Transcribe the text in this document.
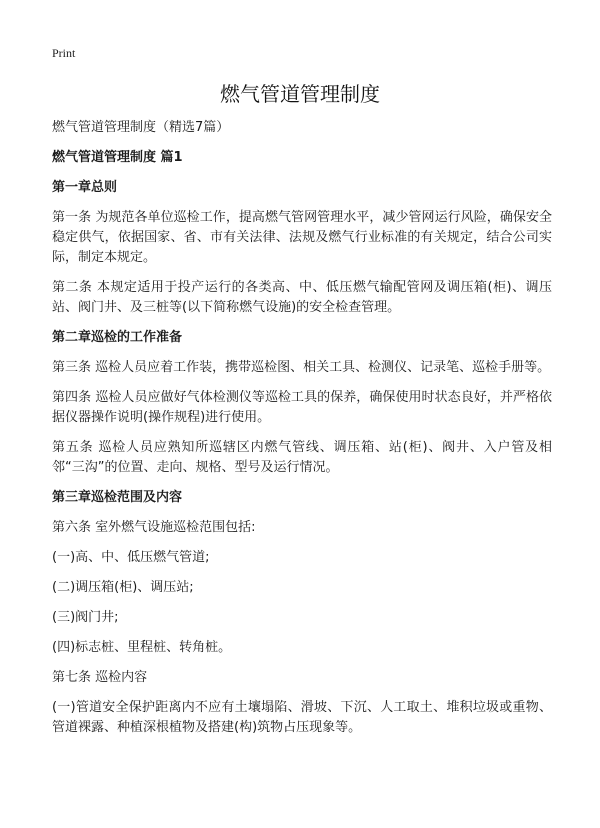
Print
燃气管道管理制度

燃气管道管理制度（精选7篇）

燃气管道管理制度 篇1

第一章总则

第一条 为规范各单位巡检工作，提高燃气管网管理水平，减少管网运行风险，确保安全稳定供气，依据国家、省、市有关法律、法规及燃气行业标准的有关规定，结合公司实际，制定本规定。

第二条 本规定适用于投产运行的各类高、中、低压燃气输配管网及调压箱(柜)、调压站、阀门井、及三桩等(以下简称燃气设施)的安全检查管理。

第二章巡检的工作准备

第三条 巡检人员应着工作装，携带巡检图、相关工具、检测仪、记录笔、巡检手册等。

第四条 巡检人员应做好气体检测仪等巡检工具的保养，确保使用时状态良好，并严格依据仪器操作说明(操作规程)进行使用。

第五条 巡检人员应熟知所巡辖区内燃气管线、调压箱、站(柜)、阀井、入户管及相邻“三沟”的位置、走向、规格、型号及运行情况。

第三章巡检范围及内容

第六条 室外燃气设施巡检范围包括:

(一)高、中、低压燃气管道;

(二)调压箱(柜)、调压站;

(三)阀门井;

(四)标志桩、里程桩、转角桩。

第七条 巡检内容

(一)管道安全保护距离内不应有土壤塌陷、滑坡、下沉、人工取土、堆积垃圾或重物、管道裸露、种植深根植物及搭建(构)筑物占压现象等。
